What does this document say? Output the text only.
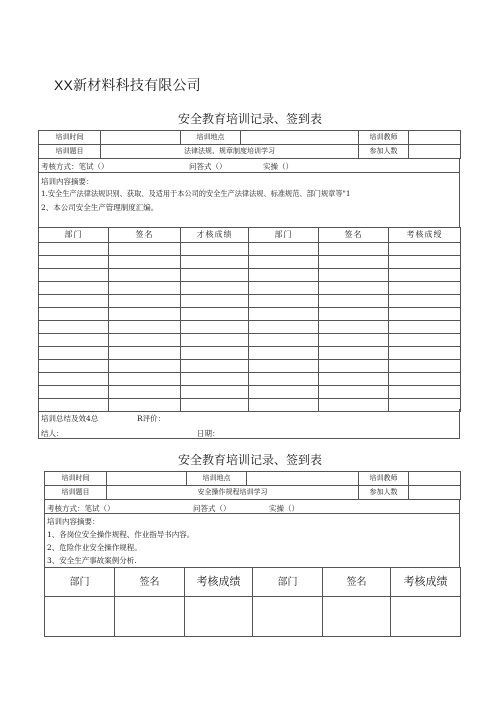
XX新材料科技有限公司
安全教育培训记录、签到表
培训时间		培训地点		培训教师	
培训题目	法律法规、规章制度培训学习			参加人数	
考核方式：笔试（）	问答式（）	实操（）
培训内容摘要：
1.安全生产法律法规识别、获取、及适用于本公司的安全生产法律法规、标准规范、部门规章等"1
2、本公司安全生产管理制度汇编。
部门	签名	才核成绩	部门	签名	考核成绶

培训总结及效4总	R评价：
结人：	日期：
安全教育培训记录、签到表
培训时间		培训地点		培训教师	
培训题目	安全操作规程培训学习			参加人数	
考核方式：笔试（）	问答式（）	实操（）
培训内容摘要：
1、各岗位安全操作规程、作业指导书内容。
2、危险作业安全操作规程。
3、安全生产事故案例分析.
部门	签名	考核成绩	部门	签名	考核成绩
